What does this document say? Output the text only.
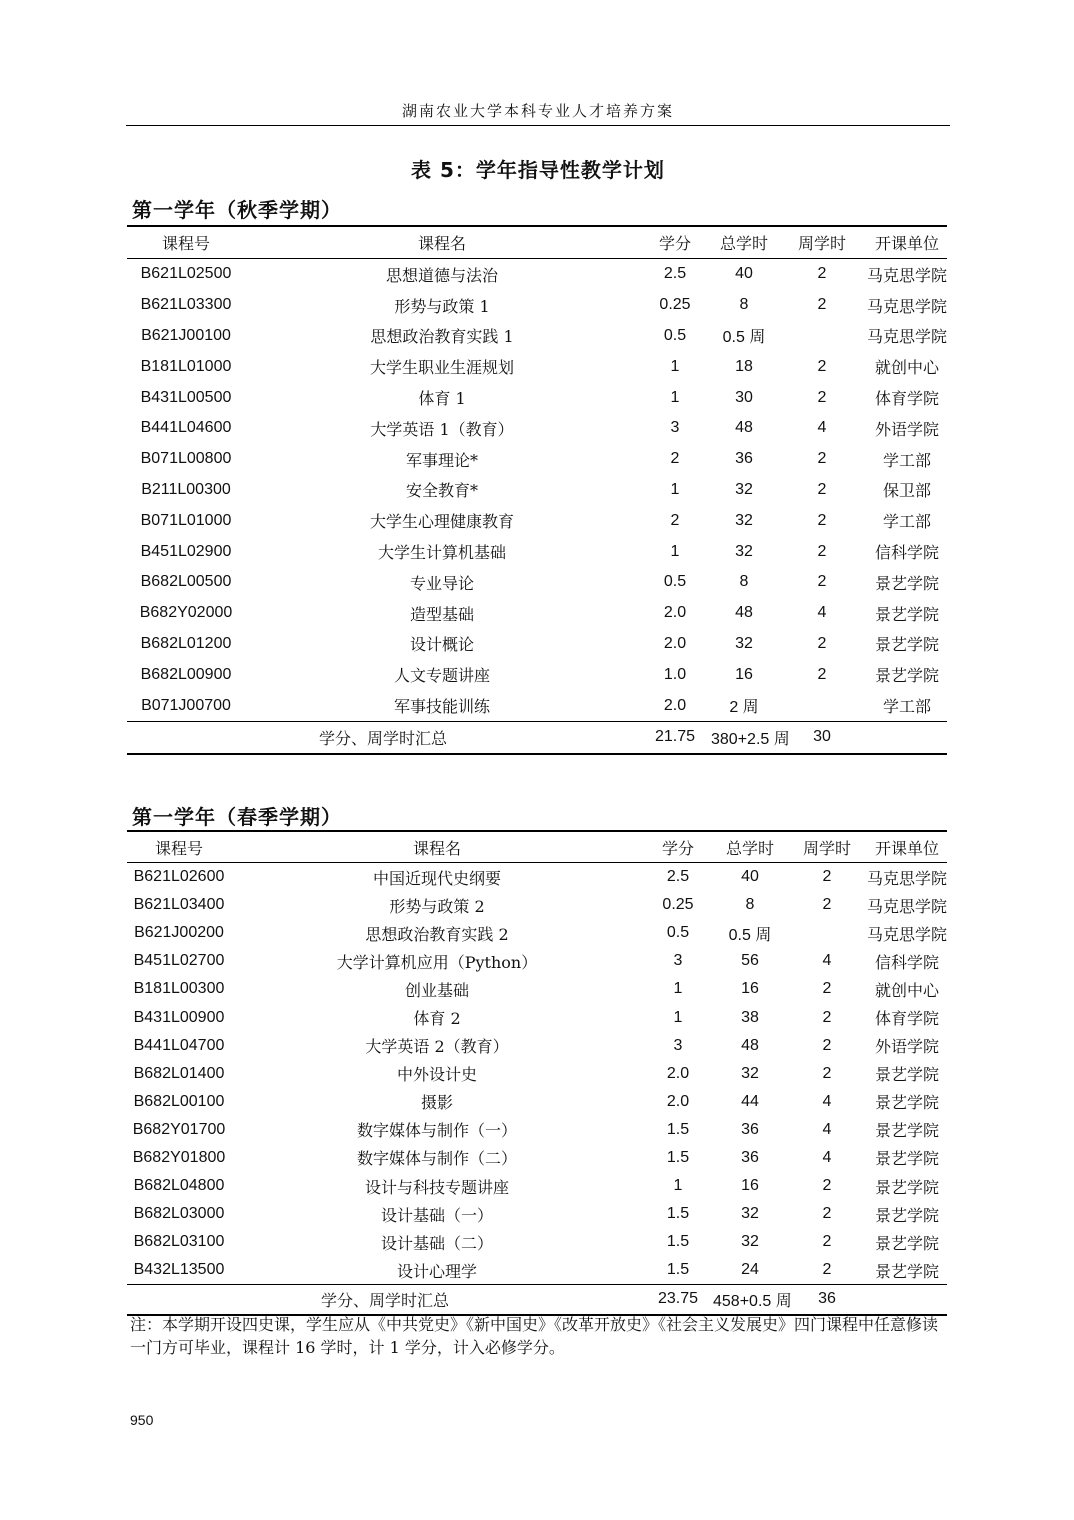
湖南农业大学本科专业人才培养方案
表 5：学年指导性教学计划
第一学年（秋季学期）
课程号	课程名	学分	总学时	周学时	开课单位
B621L02500	思想道德与法治	2.5	40	2	马克思学院
B621L03300	形势与政策 1	0.25	8	2	马克思学院
B621J00100	思想政治教育实践 1	0.5	0.5 周		马克思学院
B181L01000	大学生职业生涯规划	1	18	2	就创中心
B431L00500	体育 1	1	30	2	体育学院
B441L04600	大学英语 1（教育）	3	48	4	外语学院
B071L00800	军事理论*	2	36	2	学工部
B211L00300	安全教育*	1	32	2	保卫部
B071L01000	大学生心理健康教育	2	32	2	学工部
B451L02900	大学生计算机基础	1	32	2	信科学院
B682L00500	专业导论	0.5	8	2	景艺学院
B682Y02000	造型基础	2.0	48	4	景艺学院
B682L01200	设计概论	2.0	32	2	景艺学院
B682L00900	人文专题讲座	1.0	16	2	景艺学院
B071J00700	军事技能训练	2.0	2 周		学工部
学分、周学时汇总		21.75	380+2.5 周	30	
第一学年（春季学期）
课程号	课程名	学分	总学时	周学时	开课单位
B621L02600	中国近现代史纲要	2.5	40	2	马克思学院
B621L03400	形势与政策 2	0.25	8	2	马克思学院
B621J00200	思想政治教育实践 2	0.5	0.5 周		马克思学院
B451L02700	大学计算机应用（Python）	3	56	4	信科学院
B181L00300	创业基础	1	16	2	就创中心
B431L00900	体育 2	1	38	2	体育学院
B441L04700	大学英语 2（教育）	3	48	2	外语学院
B682L01400	中外设计史	2.0	32	2	景艺学院
B682L00100	摄影	2.0	44	4	景艺学院
B682Y01700	数字媒体与制作（一）	1.5	36	4	景艺学院
B682Y01800	数字媒体与制作（二）	1.5	36	4	景艺学院
B682L04800	设计与科技专题讲座	1	16	2	景艺学院
B682L03000	设计基础（一）	1.5	32	2	景艺学院
B682L03100	设计基础（二）	1.5	32	2	景艺学院
B432L13500	设计心理学	1.5	24	2	景艺学院
学分、周学时汇总		23.75	458+0.5 周	36	
注：本学期开设四史课，学生应从《中共党史》《新中国史》《改革开放史》《社会主义发展史》四门课程中任意修读一门方可毕业，课程计 16 学时，计 1 学分，计入必修学分。
950
